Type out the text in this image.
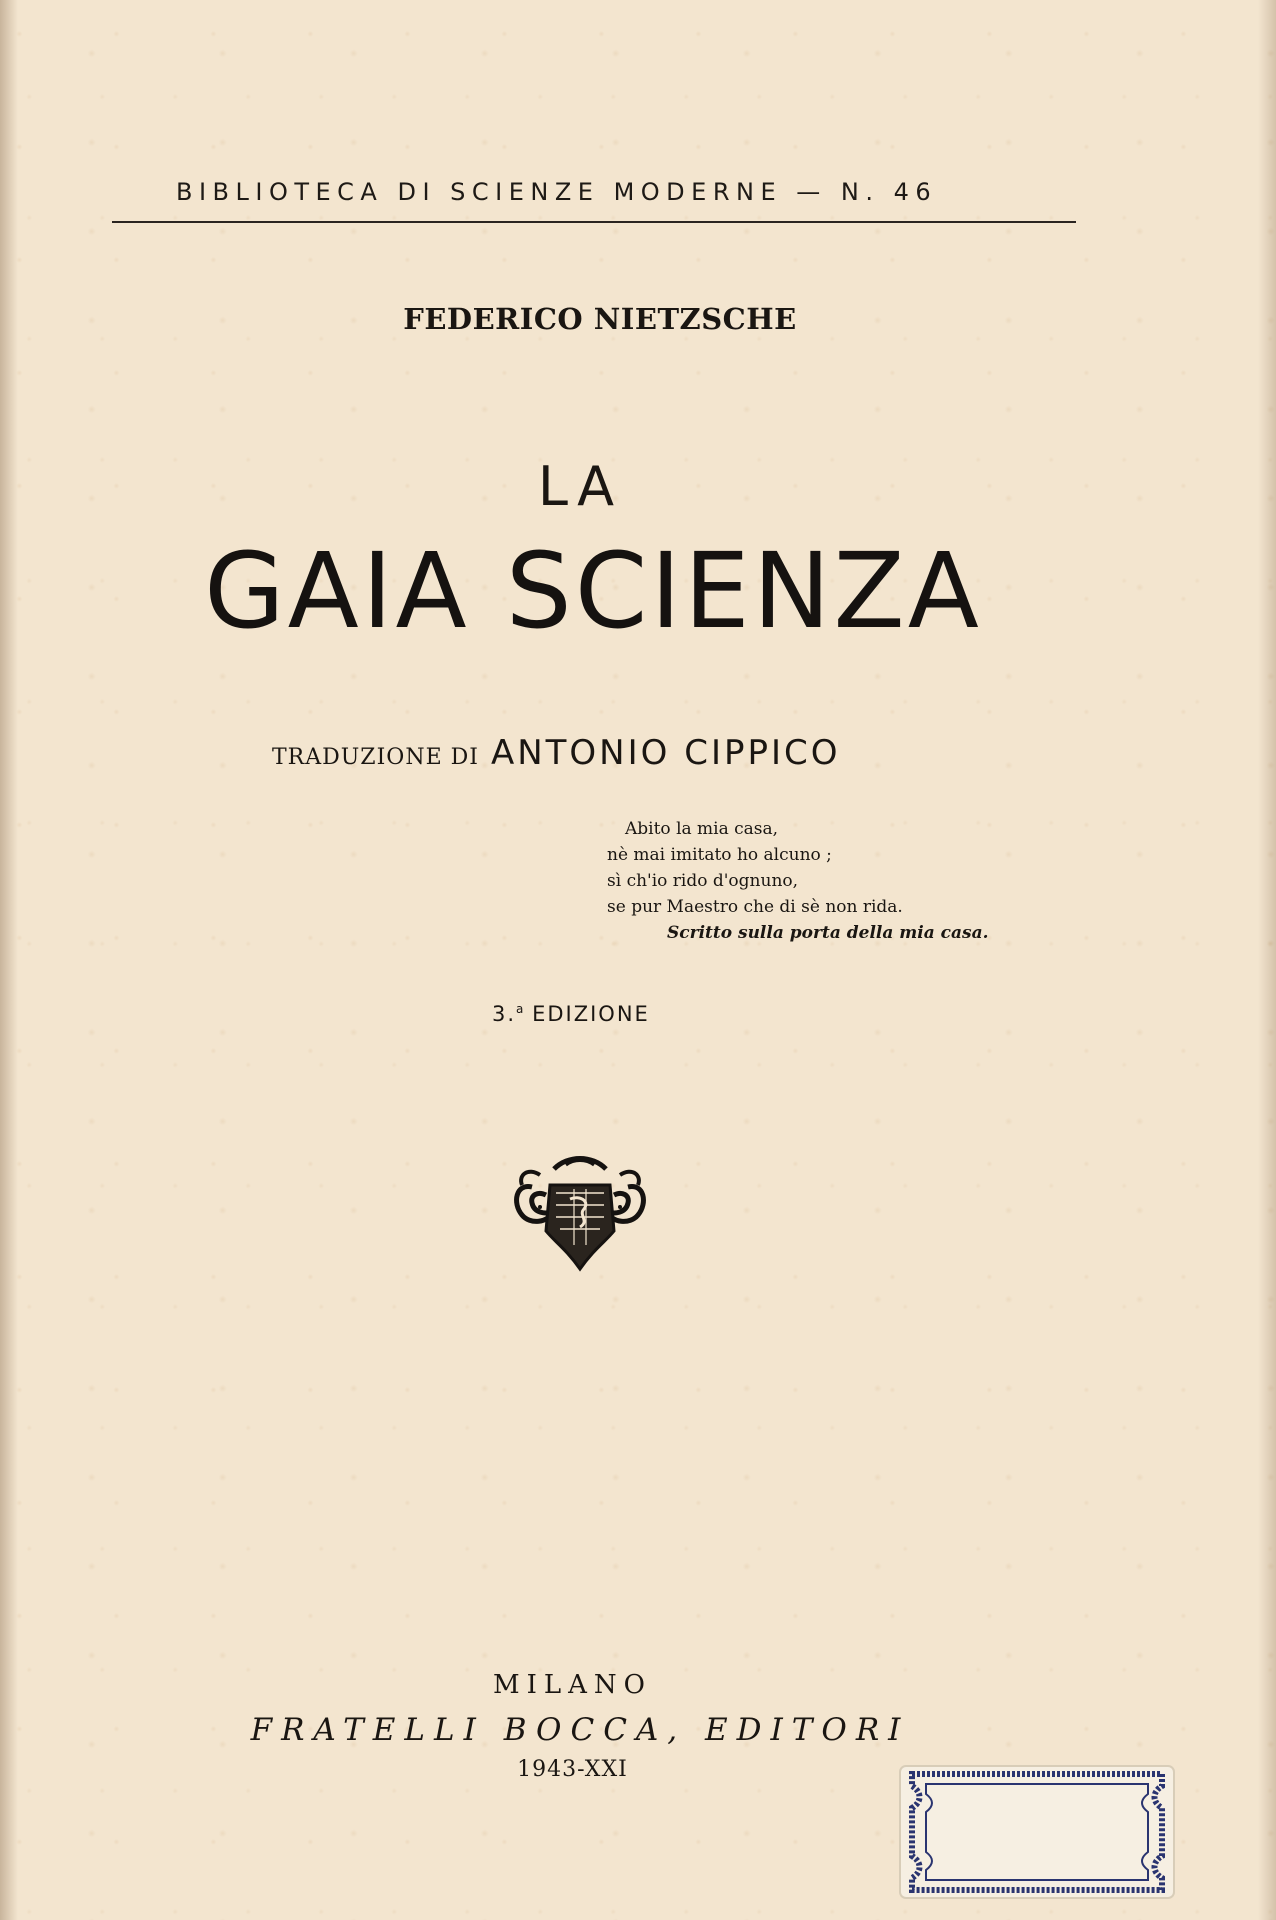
BIBLIOTECA DI SCIENZE MODERNE — N. 46
FEDERICO NIETZSCHE
LA
GAIA SCIENZA
TRADUZIONE DI ANTONIO CIPPICO
Abito la mia casa,
nè mai imitato ho alcuno ;
sì ch'io rido d'ognuno,
se pur Maestro che di sè non rida.
Scritto sulla porta della mia casa.
3.$^a$ EDIZIONE
MILANO
FRATELLI BOCCA, EDITORI
1943-XXI
